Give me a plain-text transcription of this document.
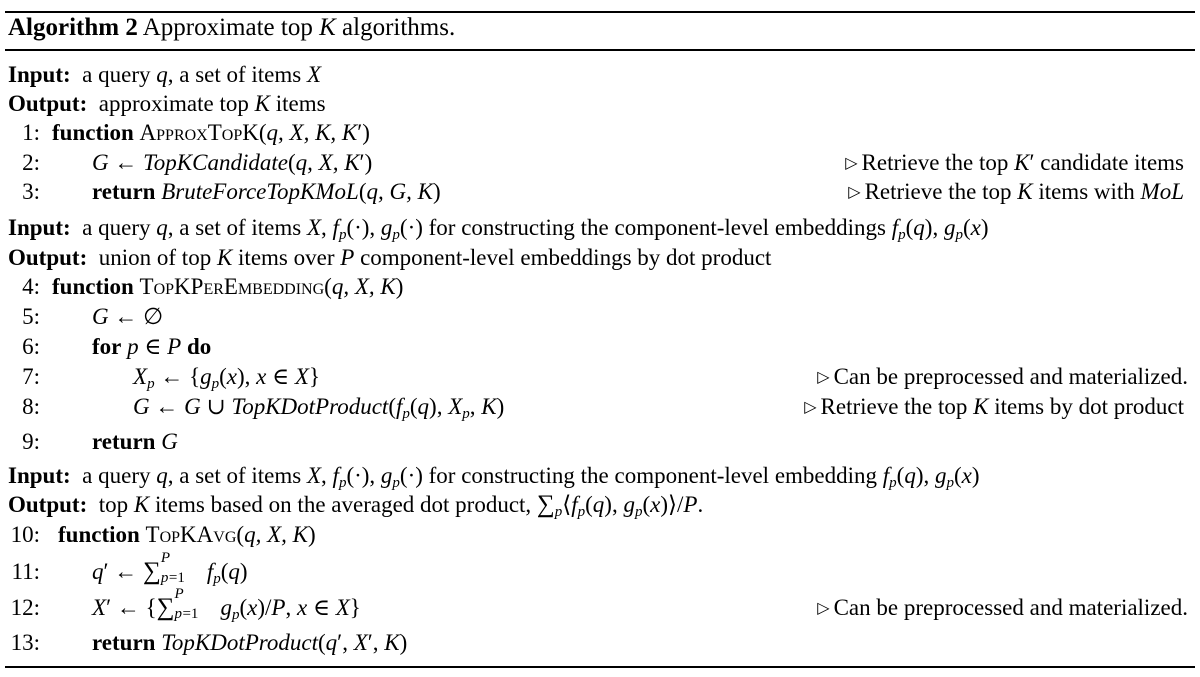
Algorithm 2 Approximate top K algorithms.
Input:  a query q, a set of items X
Output:  approximate top K items
1: function ApproxTopK(q, X, K, K′)
2: G ← TopKCandidate(q, X, K′)	▷ Retrieve the top K′ candidate items
3: return BruteForceTopKMoL(q, G, K)	▷ Retrieve the top K items with MoL
Input:  a query q, a set of items X, $f_p(\cdot)$, $g_p(\cdot)$ for constructing the component-level embeddings $f_p(q)$, $g_p(x)$
Output:  union of top K items over P component-level embeddings by dot product
4: function TopKPerEmbedding(q, X, K)
5: G ← ∅
6: for p ∈ P do
7:	$X_p$ ← {$g_p(x)$, x ∈ X}	▷ Can be preprocessed and materialized.
8:	G ← G ∪ $TopKDotProduct(f_p(q)$, $X_p$, K)	▷ Retrieve the top K items by dot product
9: return G
Input:  a query q, a set of items X, $f_p(\cdot)$, $g_p(\cdot)$ for constructing the component-level embedding $f_p(q)$, $g_p(x)$
Output:  top K items based on the averaged dot product, $\sum_p⟨f_p(q)$, $g_p(x)⟩/P$.
10: function TopKAvg(q, X, K)
11: q′ ← ∑ P
p =1 $f_p(q)$
12: X′ ← {∑ P
p =1 $g_p(x)/P$, x ∈ X}	▷ Can be preprocessed and materialized.
13: return TopKDotProduct(q′, X′, K)
